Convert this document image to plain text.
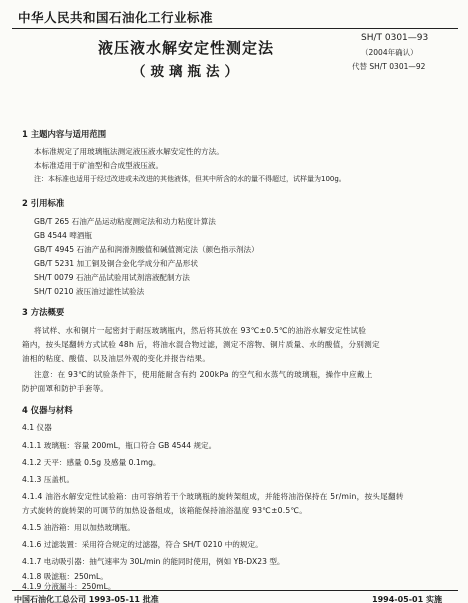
中华人民共和国石油化工行业标准
液压液水解安定性测定法
（玻璃瓶法）
SH/T 0301—93
（2004年确认）
代替 SH/T 0301—92
1 主题内容与适用范围
本标准规定了用玻璃瓶法测定液压液水解安定性的方法。
本标准适用于矿油型和合成型液压液。
注：本标准也适用于经过改进或未改进的其他液体，但其中所含的水的量不得超过，试样量为100g。
2 引用标准
GB/T 265 石油产品运动粘度测定法和动力粘度计算法
GB 4544 啤酒瓶
GB/T 4945 石油产品和润滑剂酸值和碱值测定法（颜色指示剂法）
GB/T 5231 加工铜及铜合金化学成分和产品形状
SH/T 0079 石油产品试验用试剂溶液配制方法
SH/T 0210 液压油过滤性试验法
3 方法概要
将试样、水和铜片一起密封于耐压玻璃瓶内，然后将其放在 93℃±0.5℃的油浴水解安定性试验
箱内，按头尾翻转方式试验 48h 后，将油水混合物过滤，测定不溶物、铜片质量、水的酸值，分别测定
油相的粘度、酸值、以及油层外观的变化并报告结果。
注意：在 93℃的试验条件下，使用能耐含有约 200kPa 的空气和水蒸气的玻璃瓶，操作中应戴上
防护面罩和防护手套等。
4 仪器与材料
4.1 仪器
4.1.1 玻璃瓶：容量 200mL，瓶口符合 GB 4544 规定。
4.1.2 天平：感量 0.5g 及感量 0.1mg。
4.1.3 压盖机。
4.1.4 油浴水解安定性试验箱：由可容纳若干个玻璃瓶的旋转架组成，并能将油浴保持在 5r/min，按头尾翻转
方式旋转的旋转架的可调节的加热设备组成，该箱能保持油浴温度 93℃±0.5℃。
4.1.5 油浴箱：用以加热玻璃瓶。
4.1.6 过滤装置：采用符合规定的过滤器，符合 SH/T 0210 中的规定。
4.1.7 电动吸引器：抽气速率为 30L/min 的能同时使用，例如 YB-DX23 型。
4.1.8 吸滤瓶：250mL。
4.1.9 分液漏斗：250mL。
中国石油化工总公司 1993-05-11 批准	1994-05-01 实施
